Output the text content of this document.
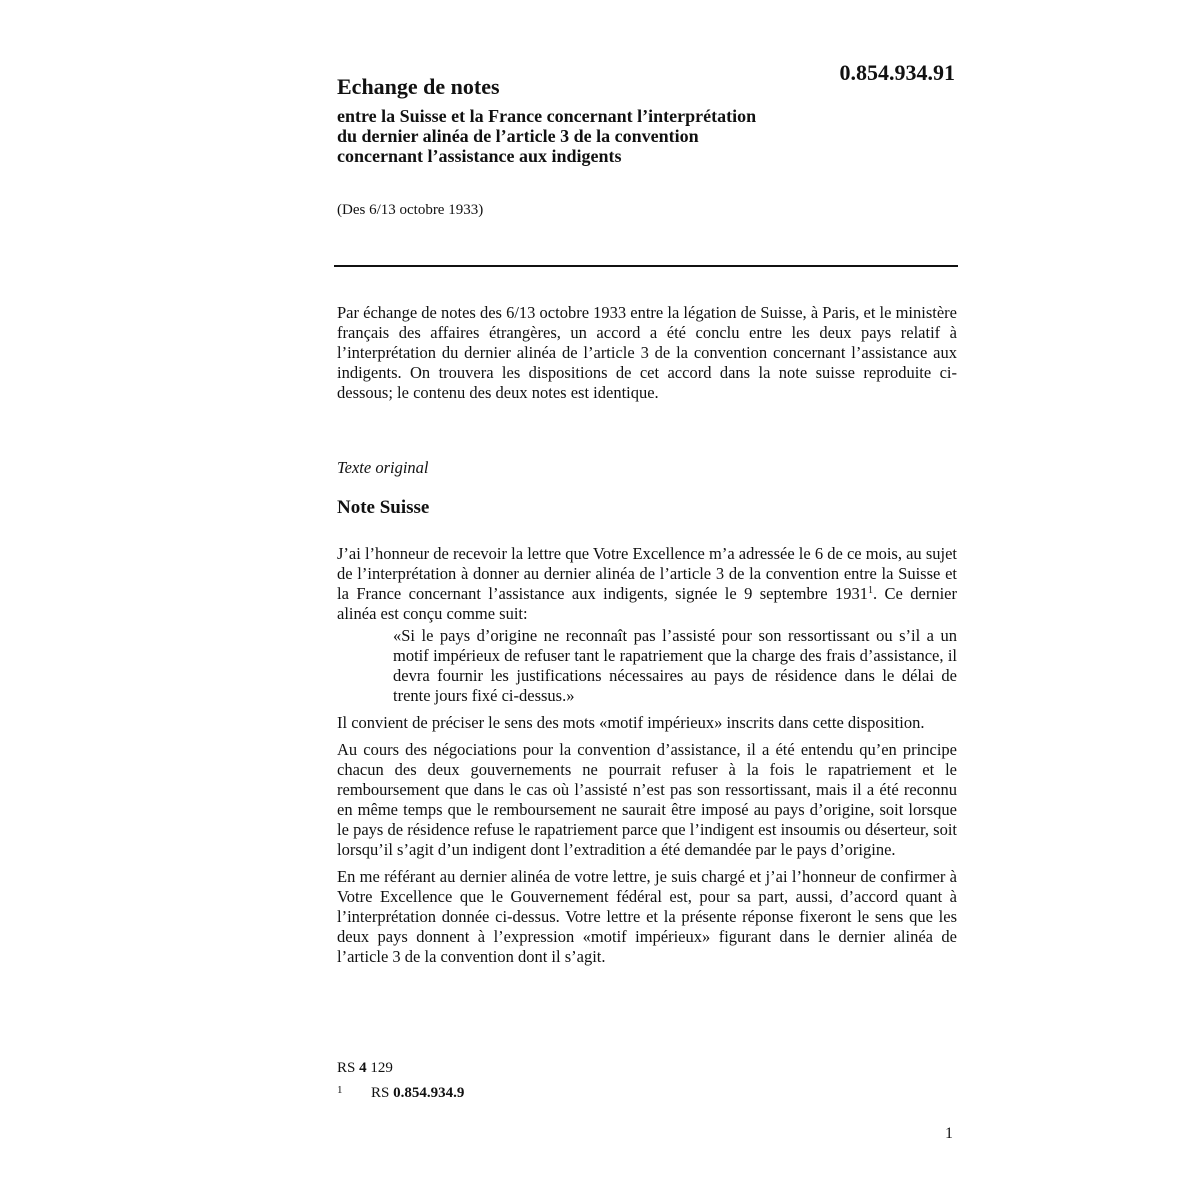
0.854.934.91
Echange de notes
entre la Suisse et la France concernant l’interprétation
du dernier alinéa de l’article 3 de la convention
concernant l’assistance aux indigents
(Des 6/13 octobre 1933)

Par échange de notes des 6/13 octobre 1933 entre la légation de Suisse, à Paris, et le ministère français des affaires étrangères, un accord a été conclu entre les deux pays relatif à l’interprétation du dernier alinéa de l’article 3 de la convention concernant l’assistance aux indigents. On trouvera les dispositions de cet accord dans la note suisse reproduite ci-dessous; le contenu des deux notes est identique.

Texte original
Note Suisse

J’ai l’honneur de recevoir la lettre que Votre Excellence m’a adressée le 6 de ce mois, au sujet de l’interprétation à donner au dernier alinéa de l’article 3 de la convention entre la Suisse et la France concernant l’assistance aux indigents, signée le 9 septembre 1931$^1$. Ce dernier alinéa est conçu comme suit:

«Si le pays d’origine ne reconnaît pas l’assisté pour son ressortissant ou s’il a un motif impérieux de refuser tant le rapatriement que la charge des frais d’assistance, il devra fournir les justifications nécessaires au pays de résidence dans le délai de trente jours fixé ci-dessus.»

Il convient de préciser le sens des mots «motif impérieux» inscrits dans cette disposition.

Au cours des négociations pour la convention d’assistance, il a été entendu qu’en principe chacun des deux gouvernements ne pourrait refuser à la fois le rapatriement et le remboursement que dans le cas où l’assisté n’est pas son ressortissant, mais il a été reconnu en même temps que le remboursement ne saurait être imposé au pays d’origine, soit lorsque le pays de résidence refuse le rapatriement parce que l’indigent est insoumis ou déserteur, soit lorsqu’il s’agit d’un indigent dont l’extradition a été demandée par le pays d’origine.

En me référant au dernier alinéa de votre lettre, je suis chargé et j’ai l’honneur de confirmer à Votre Excellence que le Gouvernement fédéral est, pour sa part, aussi, d’accord quant à l’interprétation donnée ci-dessus. Votre lettre et la présente réponse fixeront le sens que les deux pays donnent à l’expression «motif impérieux» figurant dans le dernier alinéa de l’article 3 de la convention dont il s’agit.

RS 4 129
1 RS 0.854.934.9
1
